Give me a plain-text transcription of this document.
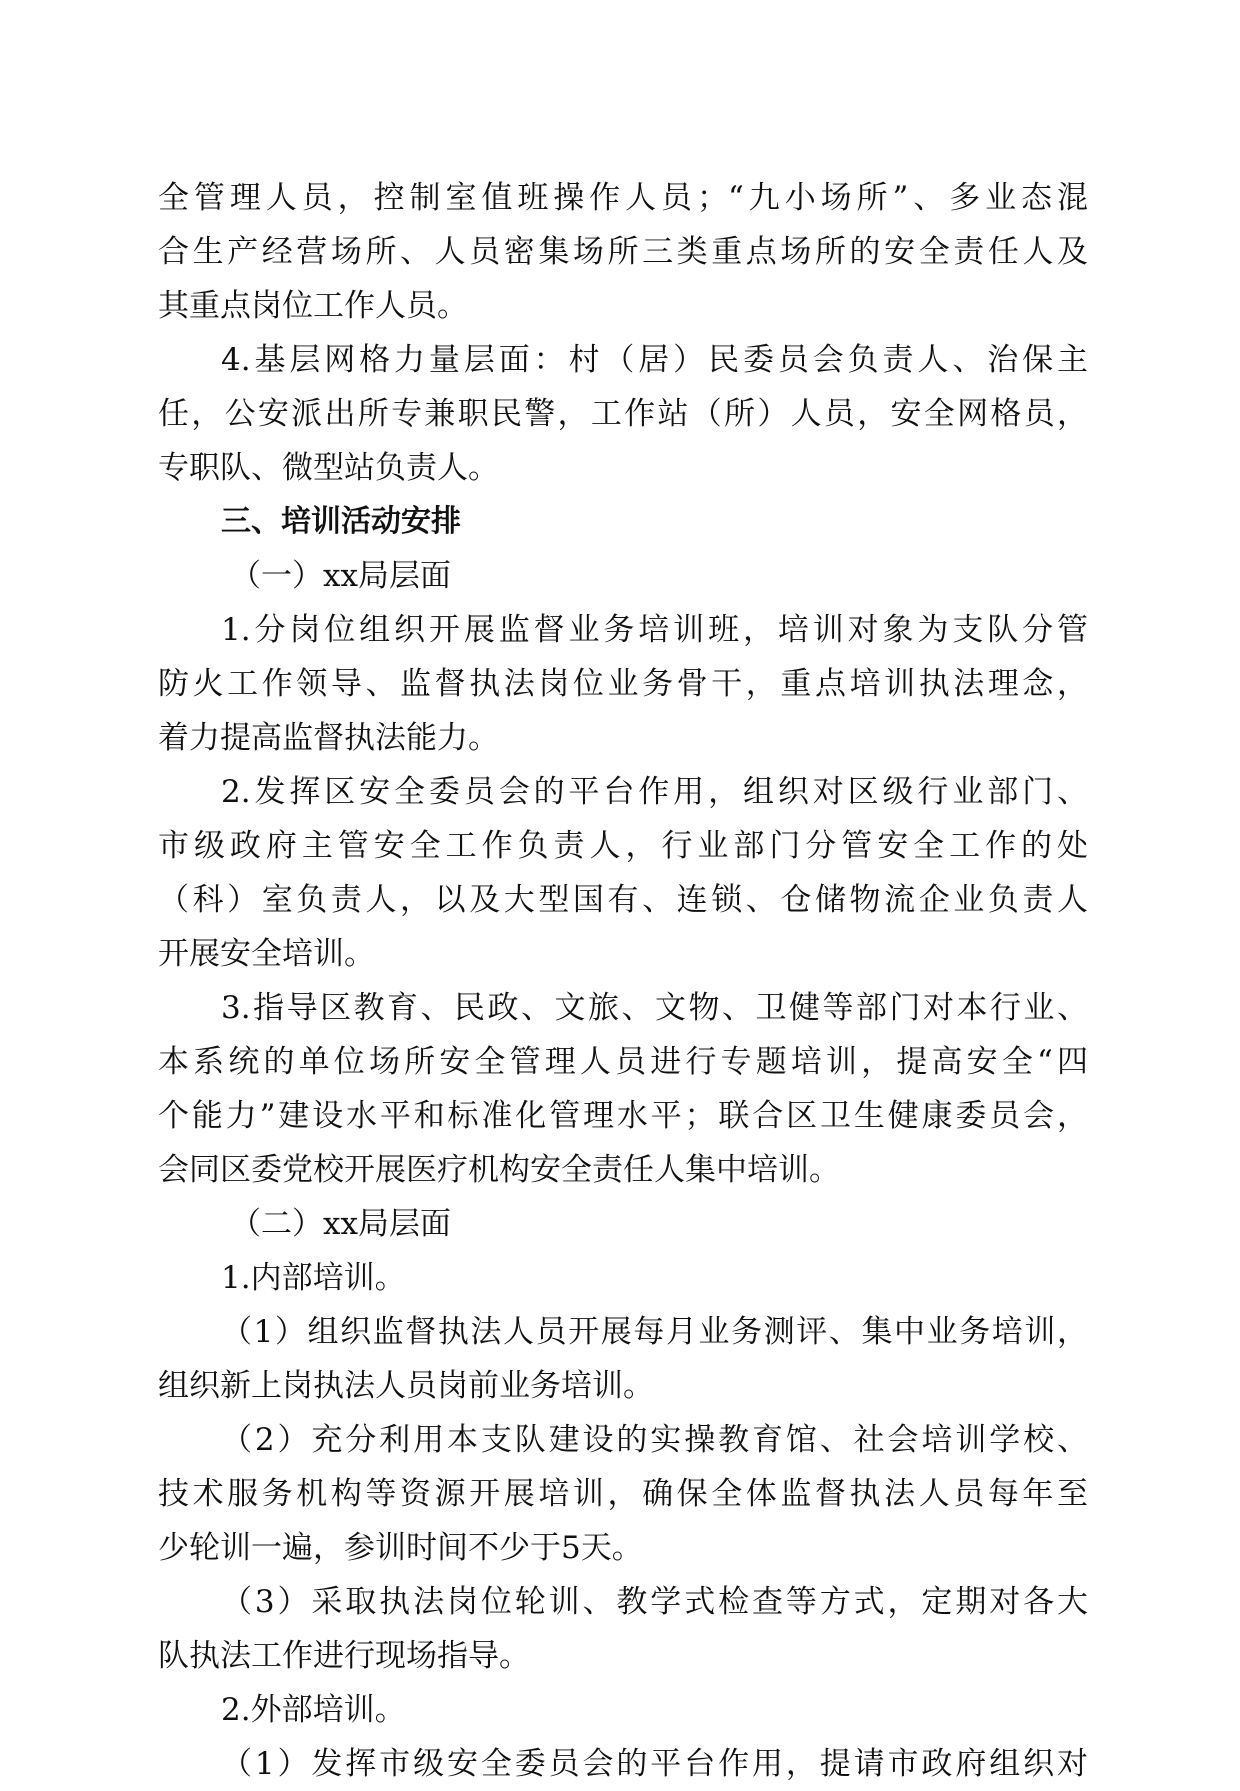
全管理人员，控制室值班操作人员；“九小场所”、多业态混
合生产经营场所、人员密集场所三类重点场所的安全责任人及
其重点岗位工作人员。
4.基层网格力量层面：村（居）民委员会负责人、治保主
任，公安派出所专兼职民警，工作站（所）人员，安全网格员，
专职队、微型站负责人。
三、培训活动安排
（一）xx局层面
1.分岗位组织开展监督业务培训班，培训对象为支队分管
防火工作领导、监督执法岗位业务骨干，重点培训执法理念，
着力提高监督执法能力。
2.发挥区安全委员会的平台作用，组织对区级行业部门、
市级政府主管安全工作负责人，行业部门分管安全工作的处
（科）室负责人，以及大型国有、连锁、仓储物流企业负责人
开展安全培训。
3.指导区教育、民政、文旅、文物、卫健等部门对本行业、
本系统的单位场所安全管理人员进行专题培训，提高安全“四
个能力”建设水平和标准化管理水平；联合区卫生健康委员会，
会同区委党校开展医疗机构安全责任人集中培训。
（二）xx局层面
1.内部培训。
（1）组织监督执法人员开展每月业务测评、集中业务培训，
组织新上岗执法人员岗前业务培训。
（2）充分利用本支队建设的实操教育馆、社会培训学校、
技术服务机构等资源开展培训，确保全体监督执法人员每年至
少轮训一遍，参训时间不少于5天。
（3）采取执法岗位轮训、教学式检查等方式，定期对各大
队执法工作进行现场指导。
2.外部培训。
（1）发挥市级安全委员会的平台作用，提请市政府组织对
